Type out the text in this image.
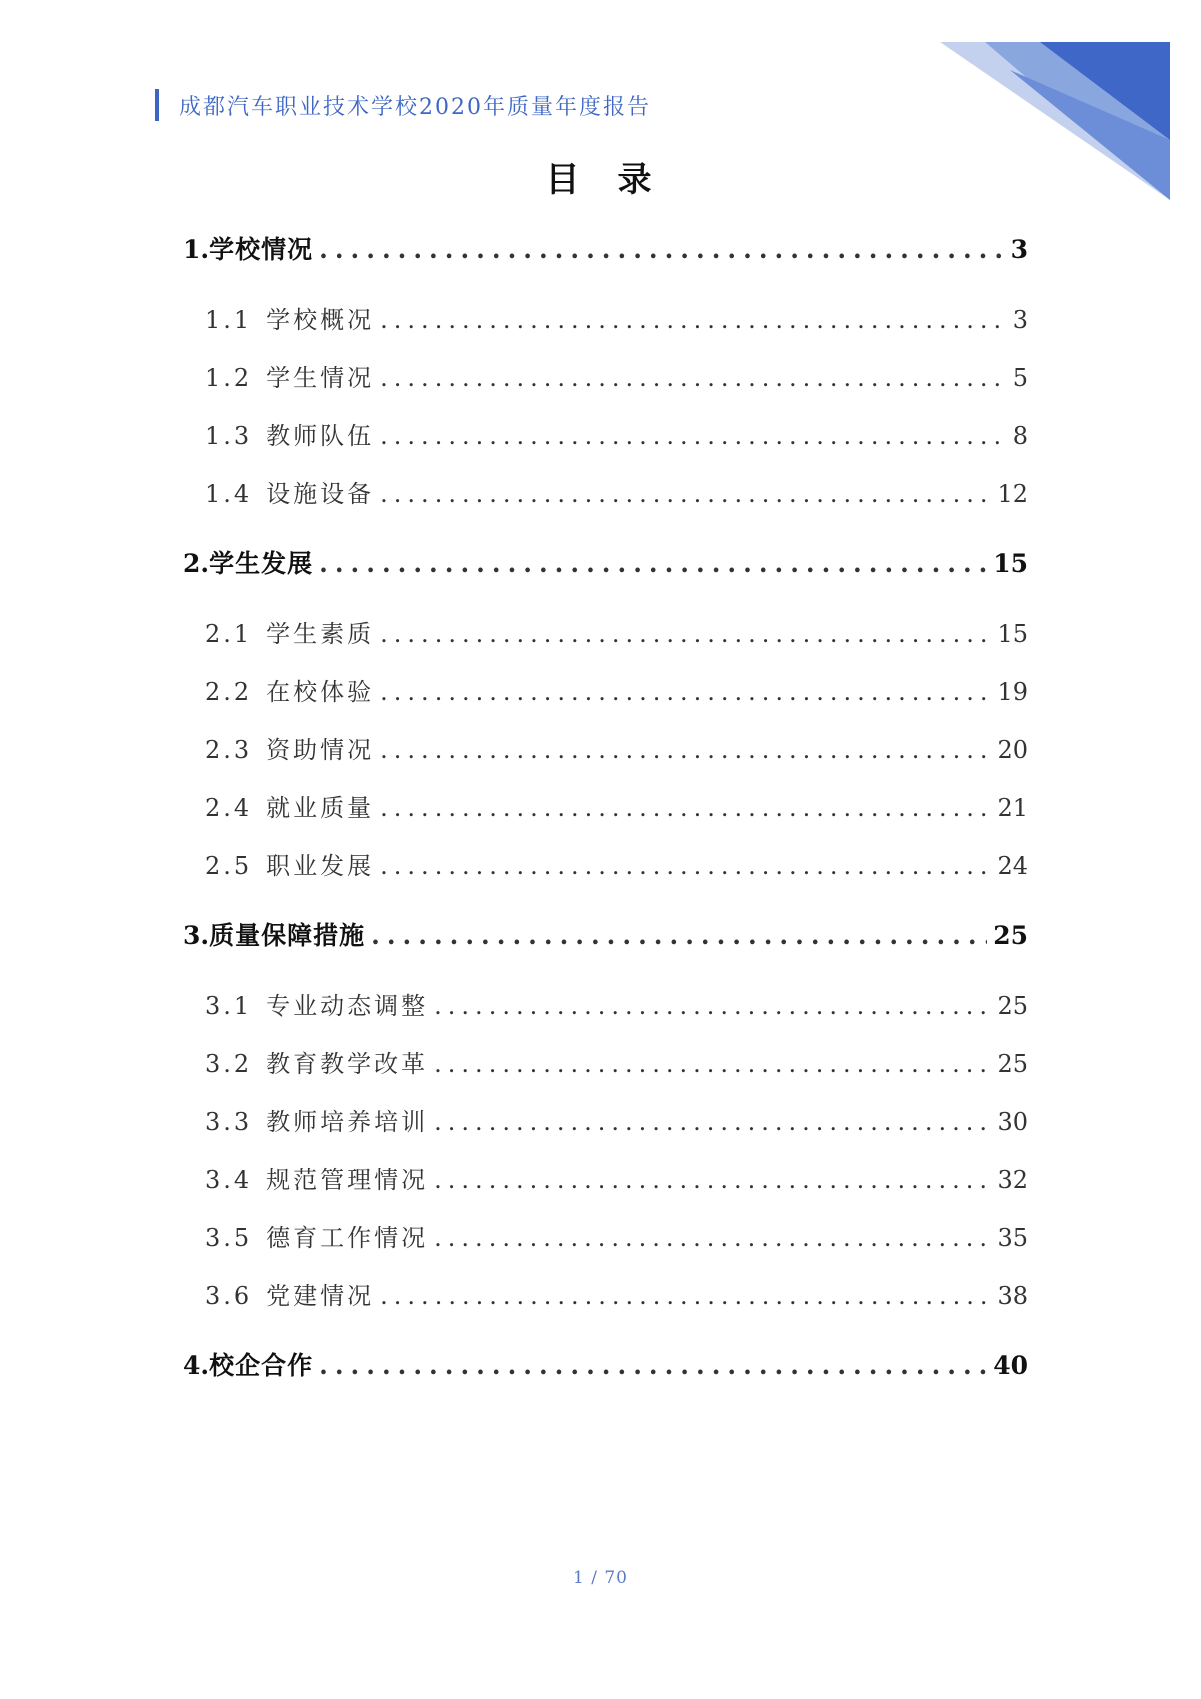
成都汽车职业技术学校2020年质量年度报告
目 录
1. 学校情况 .....	3
1.1 学校概况 .....	3
1.2 学生情况 .....	5
1.3 教师队伍 .....	8
1.4 设施设备 .....	12
2. 学生发展 .....	15
2.1 学生素质 .....	15
2.2 在校体验 .....	19
2.3 资助情况 .....	20
2.4 就业质量 .....	21
2.5 职业发展 .....	24
3. 质量保障措施 .....	25
3.1 专业动态调整 .....	25
3.2 教育教学改革 .....	25
3.3 教师培养培训 .....	30
3.4 规范管理情况 .....	32
3.5 德育工作情况 .....	35
3.6 党建情况 .....	38
4. 校企合作 .....	40
1 / 70
